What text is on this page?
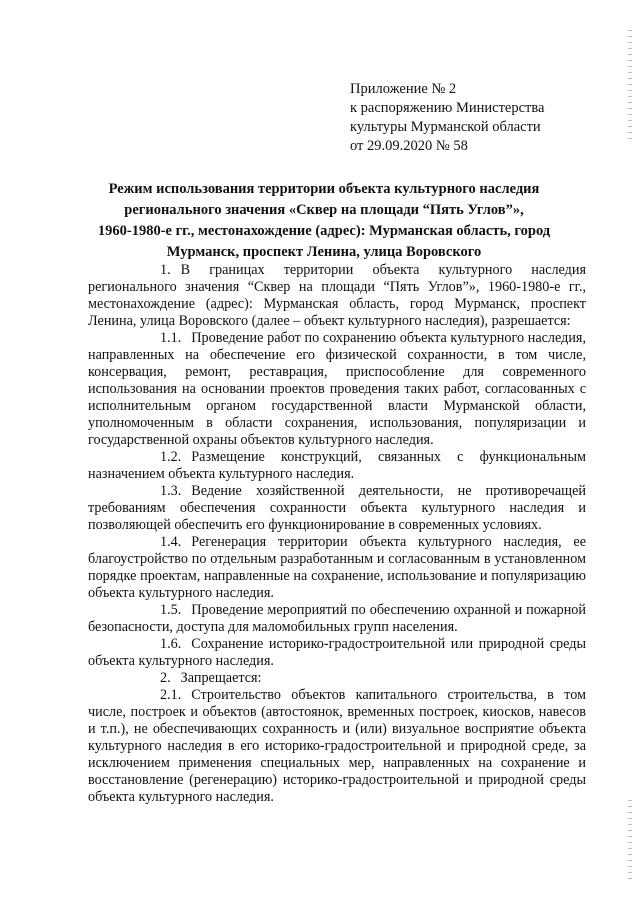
Приложение № 2
к распоряжению Министерства
культуры Мурманской области
от 29.09.2020 № 58
Режим использования территории объекта культурного наследия
регионального значения «Сквер на площади “Пять Углов”»,
1960-1980-е гг., местонахождение (адрес): Мурманская область, город
Мурманск, проспект Ленина, улица Воровского

1. В границах территории объекта культурного наследия регионального значения “Сквер на площади “Пять Углов”», 1960-1980-е гг., местонахождение (адрес): Мурманская область, город Мурманск, проспект Ленина, улица Воровского (далее – объект культурного наследия), разрешается:

1.1. Проведение работ по сохранению объекта культурного наследия, направленных на обеспечение его физической сохранности, в том числе, консервация, ремонт, реставрация, приспособление для современного использования на основании проектов проведения таких работ, согласованных с исполнительным органом государственной власти Мурманской области, уполномоченным в области сохранения, использования, популяризации и государственной охраны объектов культурного наследия.

1.2. Размещение конструкций, связанных с функциональным назначением объекта культурного наследия.

1.3. Ведение хозяйственной деятельности, не противоречащей требованиям обеспечения сохранности объекта культурного наследия и позволяющей обеспечить его функционирование в современных условиях.

1.4. Регенерация территории объекта культурного наследия, ее благоустройство по отдельным разработанным и согласованным в установленном порядке проектам, направленные на сохранение, использование и популяризацию объекта культурного наследия.

1.5. Проведение мероприятий по обеспечению охранной и пожарной безопасности, доступа для маломобильных групп населения.

1.6. Сохранение историко-градостроительной или природной среды объекта культурного наследия.

2. Запрещается:

2.1. Строительство объектов капитального строительства, в том числе, построек и объектов (автостоянок, временных построек, киосков, навесов и т.п.), не обеспечивающих сохранность и (или) визуальное восприятие объекта культурного наследия в его историко-градостроительной и природной среде, за исключением применения специальных мер, направленных на сохранение и восстановление (регенерацию) историко-градостроительной и природной среды объекта культурного наследия.
